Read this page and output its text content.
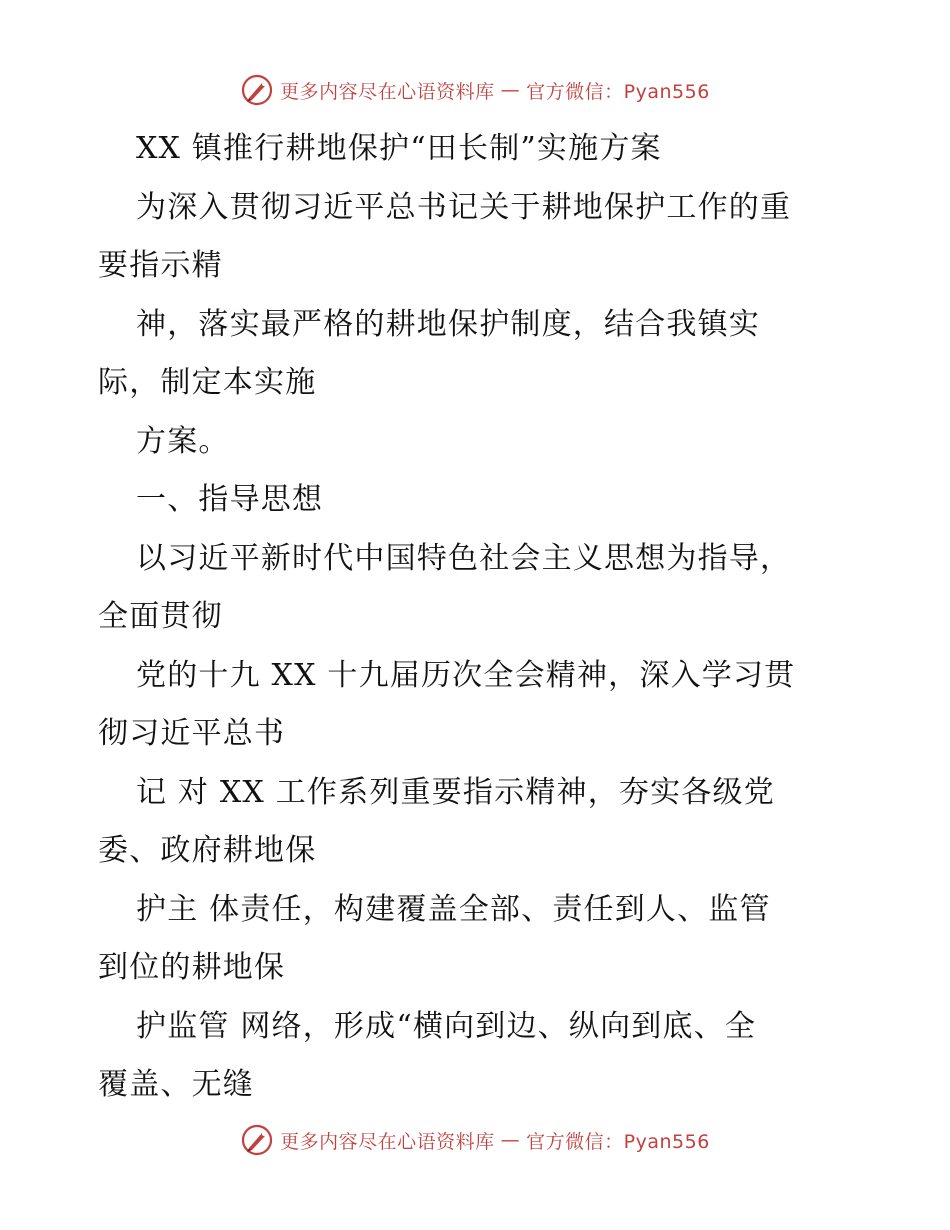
更多内容尽在心语资料库 — 官方微信：Pyan556
XX 镇推行耕地保护“田长制”实施方案
为深入贯彻习近平总书记关于耕地保护工作的重
要指示精
神，落实最严格的耕地保护制度，结合我镇实
际，制定本实施
方案。
一、指导思想
以习近平新时代中国特色社会主义思想为指导，
全面贯彻
党的十九 XX 十九届历次全会精神，深入学习贯
彻习近平总书
记 对 XX 工作系列重要指示精神，夯实各级党
委、政府耕地保
护主 体责任，构建覆盖全部、责任到人、监管
到位的耕地保
护监管 网络，形成“横向到边、纵向到底、全
覆盖、无缝
更多内容尽在心语资料库 — 官方微信：Pyan556
